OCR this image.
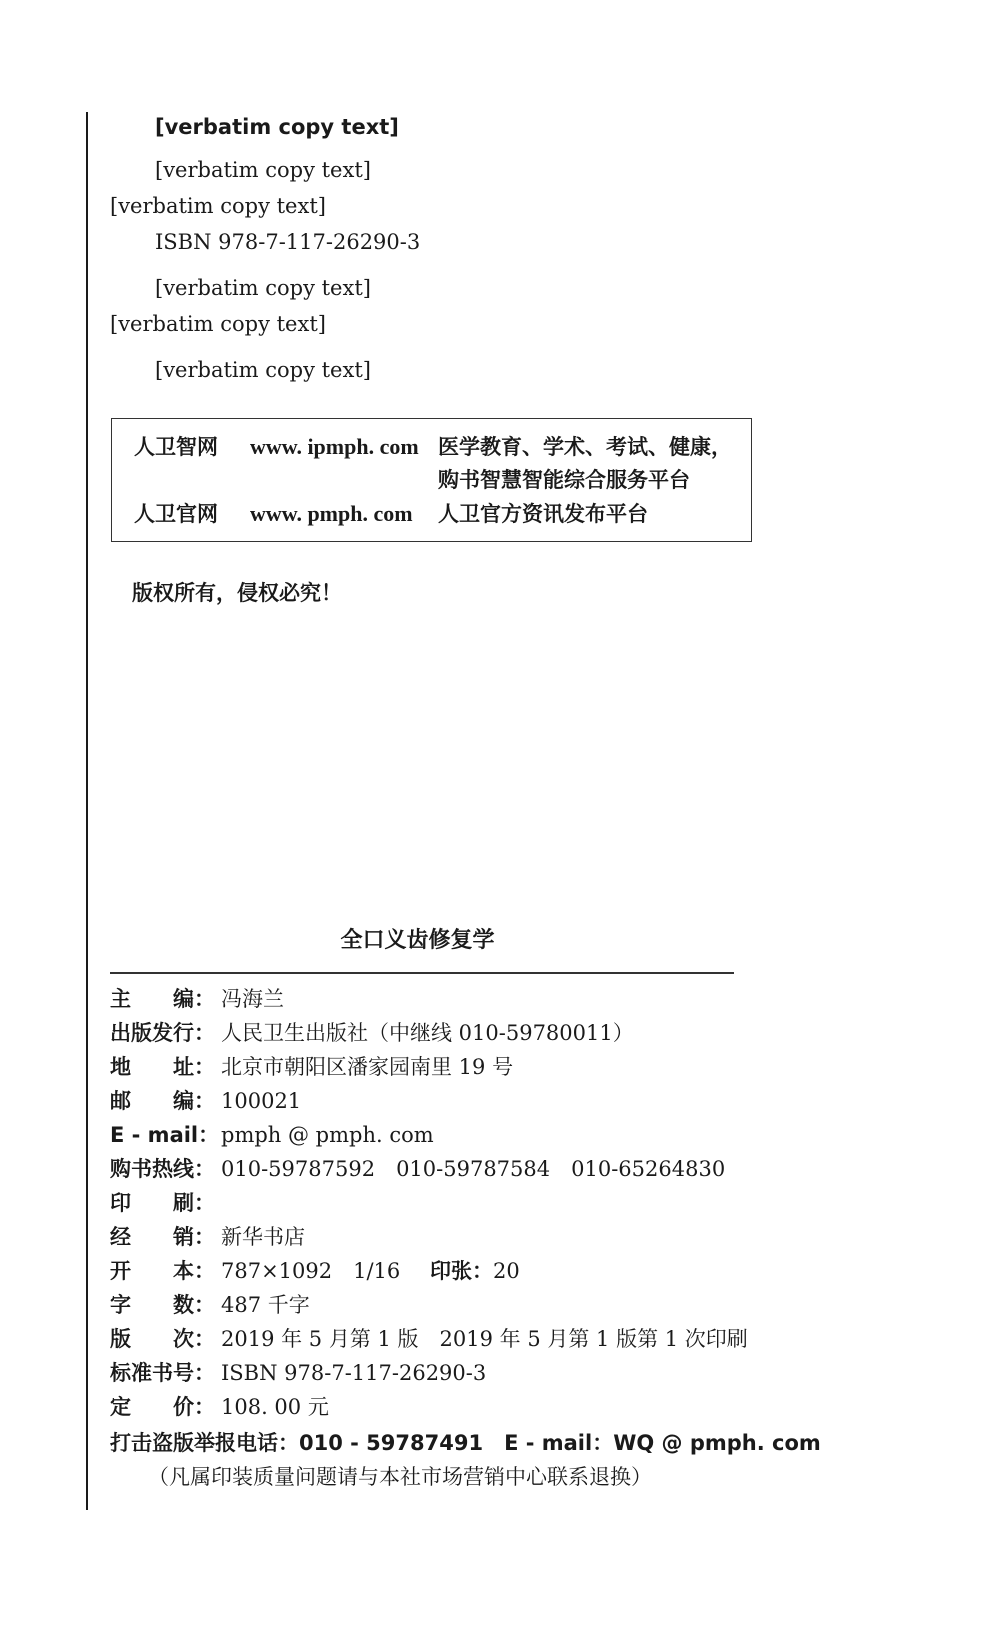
[verbatim copy text]
[verbatim copy text]
[verbatim copy text]
ISBN 978-7-117-26290-3
[verbatim copy text]
[verbatim copy text]
[verbatim copy text]
人卫智网 www. ipmph. com 医学教育、学术、考试、健康，
购书智慧智能综合服务平台
人卫官网 www. pmph. com 人卫官方资讯发布平台
版权所有，侵权必究！
全口义齿修复学
主　　编： 冯海兰
出版发行： 人民卫生出版社（中继线 010-59780011）
地　　址： 北京市朝阳区潘家园南里 19 号
邮　　编： 100021
E - mail： pmph @ pmph. com
购书热线： 010-59787592　010-59787584　010-65264830
印　　刷：
经　　销： 新华书店
开　　本： 787×1092　1/16 印张：20
字　　数： 487 千字
版　　次： 2019 年 5 月第 1 版　2019 年 5 月第 1 版第 1 次印刷
标准书号： ISBN 978-7-117-26290-3
定　　价： 108. 00 元
打击盗版举报电话：010 - 59787491　E - mail：WQ @ pmph. com
（凡属印装质量问题请与本社市场营销中心联系退换）
